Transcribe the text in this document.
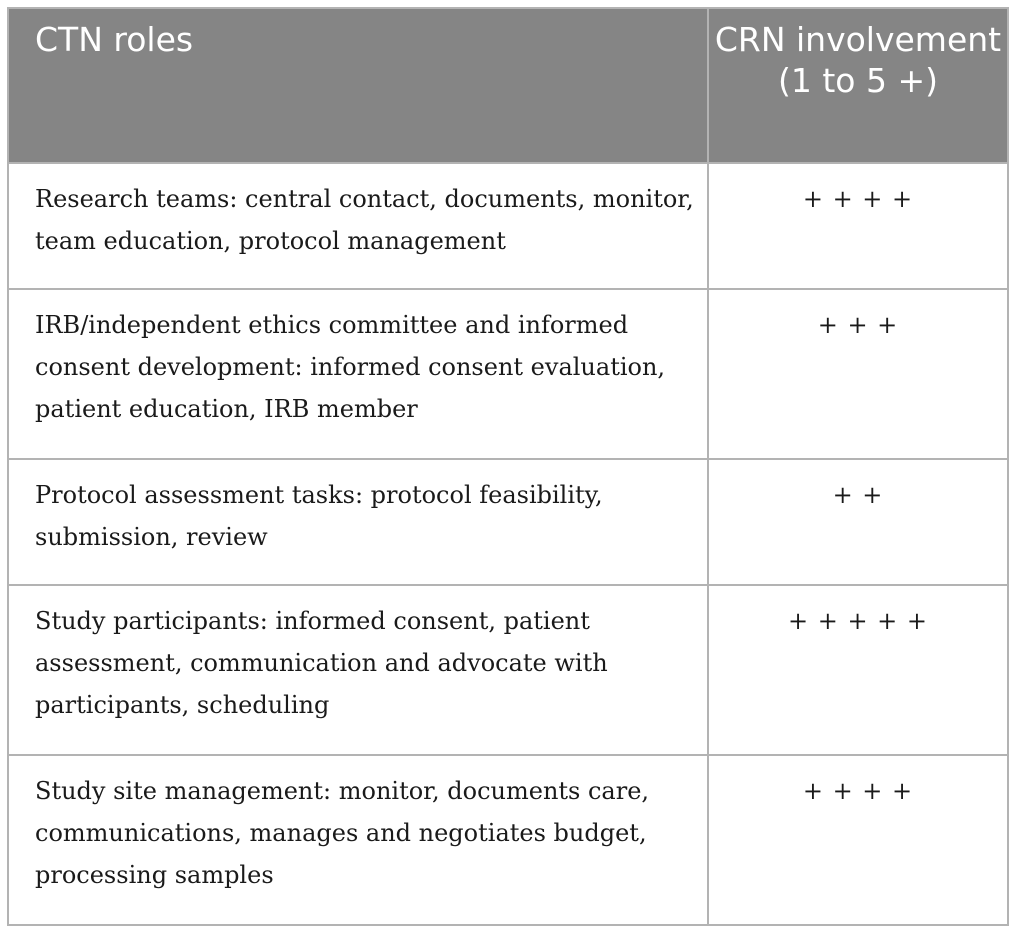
CTN roles	CRN involvement (1 to 5 +)
Research teams: central contact, documents, monitor, team education, protocol management	+ + + +
IRB/independent ethics committee and informed consent development: informed consent evaluation, patient education, IRB member	+ + +
Protocol assessment tasks: protocol feasibility, submission, review	+ +
Study participants: informed consent, patient assessment, communication and advocate with participants, scheduling	+ + + + +
Study site management: monitor, documents care, communications, manages and negotiates budget, processing samples	+ + + +
